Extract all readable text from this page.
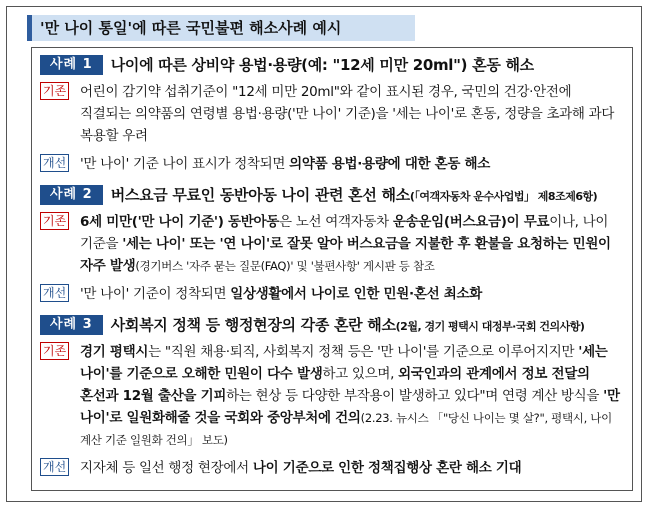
'만 나이 통일'에 따른 국민불편 해소사례 예시
사례 1	나이에 따른 상비약 용법·용량(예: "12세 미만 20ml") 혼동 해소
기존 어린이 감기약 섭취기준이 "12세 미만 20ml"와 같이 표시된 경우, 국민의 건강·안전에 직결되는 의약품의 연령별 용법·용량('만 나이' 기준)을 '세는 나이'로 혼동, 정량을 초과해 과다 복용할 우려
개선 '만 나이' 기준 나이 표시가 정착되면 의약품 용법·용량에 대한 혼동 해소
사례 2	버스요금 무료인 동반아동 나이 관련 혼선 해소(「여객자동차 운수사업법」 제8조제6항)
기존 6세 미만('만 나이 기준') 동반아동은 노선 여객자동차 운송운임(버스요금)이 무료이나, 나이 기준을 '세는 나이' 또는 '연 나이'로 잘못 알아 버스요금을 지불한 후 환불을 요청하는 민원이 자주 발생(경기버스 '자주 묻는 질문(FAQ)' 및 '불편사항' 게시판 등 참조
개선 '만 나이' 기준이 정착되면 일상생활에서 나이로 인한 민원·혼선 최소화
사례 3	사회복지 정책 등 행정현장의 각종 혼란 해소(2월, 경기 평택시 대정부·국회 건의사항)
기존 경기 평택시는 "직원 채용·퇴직, 사회복지 정책 등은 '만 나이'를 기준으로 이루어지지만 '세는 나이'를 기준으로 오해한 민원이 다수 발생하고 있으며, 외국인과의 관계에서 정보 전달의 혼선과 12월 출산을 기피하는 현상 등 다양한 부작용이 발생하고 있다"며 연령 계산 방식을 '만 나이'로 일원화해줄 것을 국회와 중앙부처에 건의(2.23. 뉴시스 「"당신 나이는 몇 살?", 평택시, 나이 계산 기준 일원화 건의」 보도)
개선 지자체 등 일선 행정 현장에서 나이 기준으로 인한 정책집행상 혼란 해소 기대
